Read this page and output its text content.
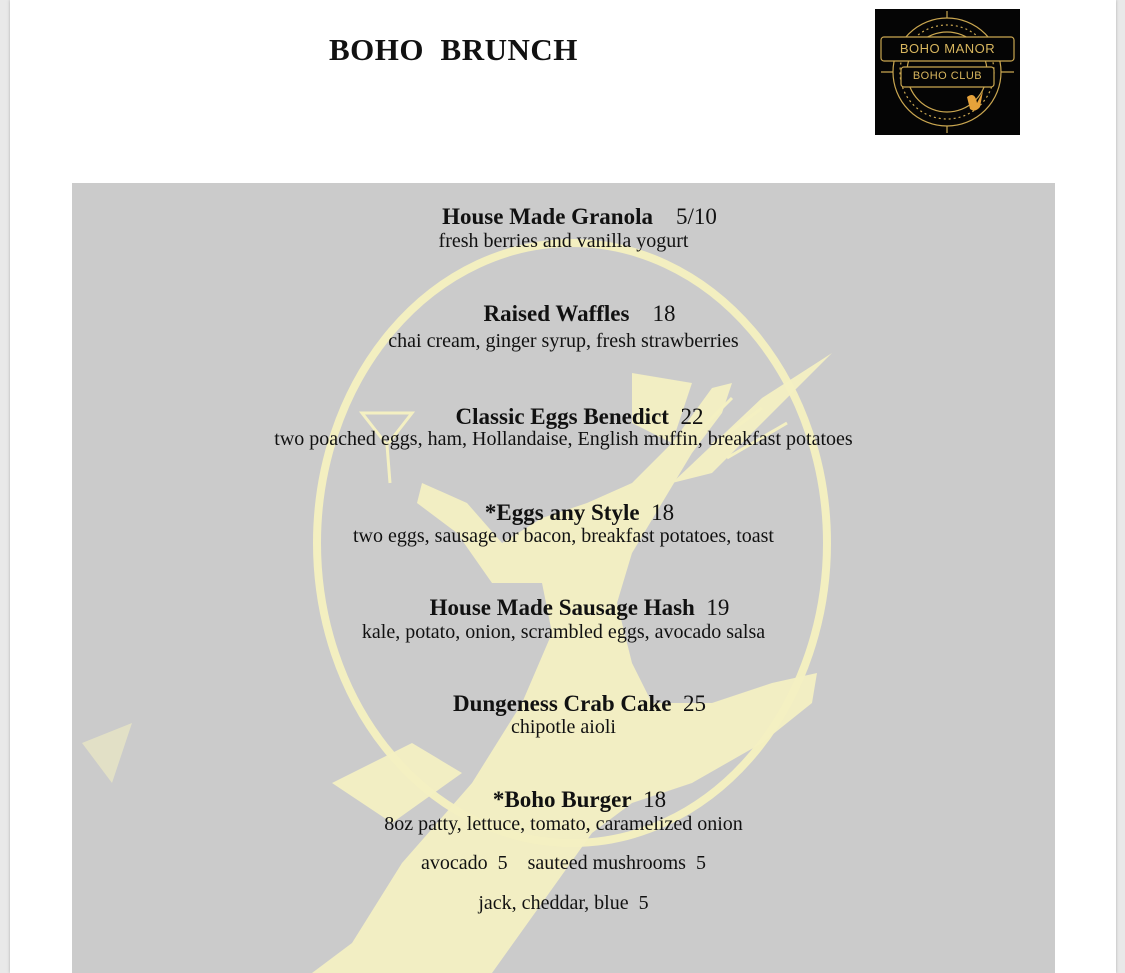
BOHO  BRUNCH	BOHO MANOR
BOHO CLUB

House Made Granola 5/10

fresh berries and vanilla yogurt

Raised Waffles 18

chai cream, ginger syrup, fresh strawberries

Classic Eggs Benedict 22

two poached eggs, ham, Hollandaise, English muffin, breakfast potatoes

*Eggs any Style 18

two eggs, sausage or bacon, breakfast potatoes, toast

House Made Sausage Hash 19

kale, potato, onion, scrambled eggs, avocado salsa

Dungeness Crab Cake 25

chipotle aioli

*Boho Burger 18

8oz patty, lettuce, tomato, caramelized onion
avocado  5    sauteed mushrooms  5
jack, cheddar, blue  5
